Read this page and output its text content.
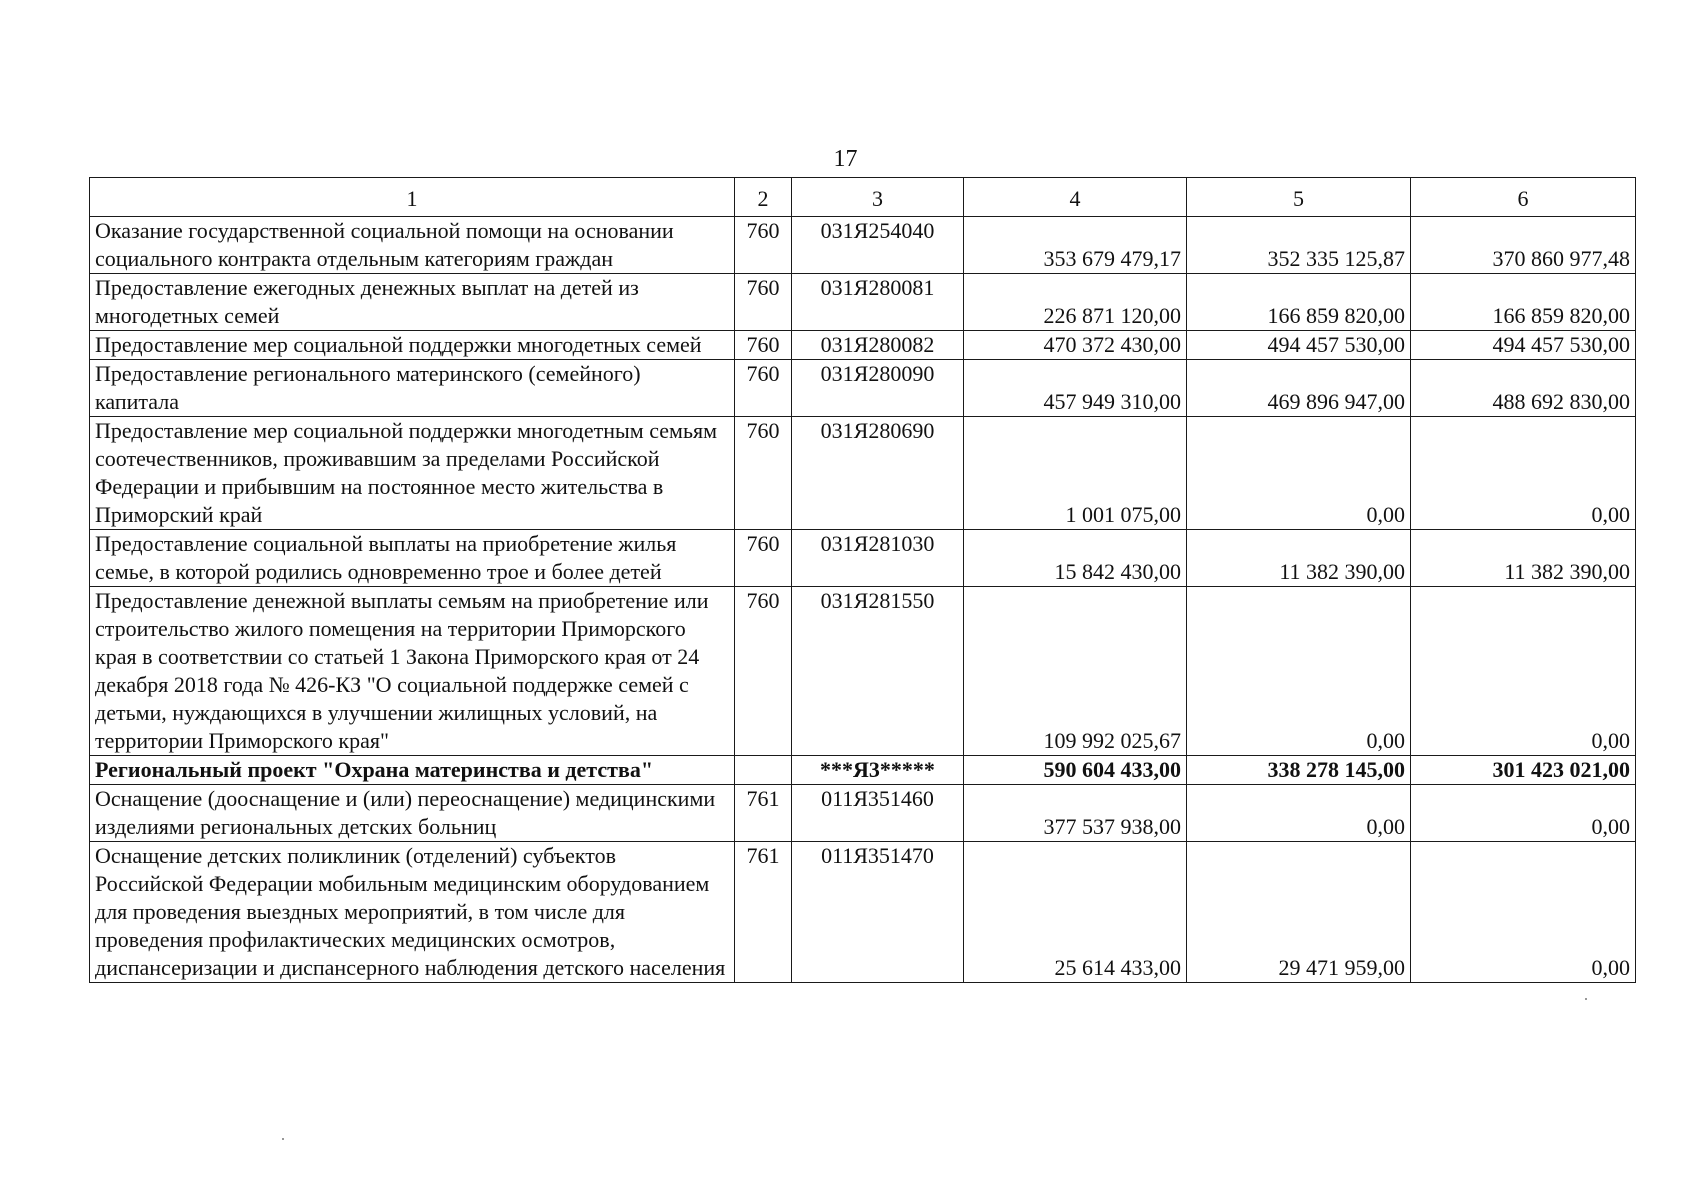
17
1	2	3	4	5	6
Оказание государственной социальной помощи на основании социального контракта отдельным категориям граждан	760	031Я254040	353 679 479,17	352 335 125,87	370 860 977,48
Предоставление ежегодных денежных выплат на детей из многодетных семей	760	031Я280081	226 871 120,00	166 859 820,00	166 859 820,00
Предоставление мер социальной поддержки многодетных семей	760	031Я280082	470 372 430,00	494 457 530,00	494 457 530,00
Предоставление регионального материнского (семейного) капитала	760	031Я280090	457 949 310,00	469 896 947,00	488 692 830,00
Предоставление мер социальной поддержки многодетным семьям соотечественников, проживавшим за пределами Российской Федерации и прибывшим на постоянное место жительства в Приморский край	760	031Я280690	1 001 075,00	0,00	0,00
Предоставление социальной выплаты на приобретение жилья семье, в которой родились одновременно трое и более детей	760	031Я281030	15 842 430,00	11 382 390,00	11 382 390,00
Предоставление денежной выплаты семьям на приобретение или строительство жилого помещения на территории Приморского края в соответствии со статьей 1 Закона Приморского края от 24 декабря 2018 года № 426-КЗ "О социальной поддержке семей с детьми, нуждающихся в улучшении жилищных условий, на территории Приморского края"	760	031Я281550	109 992 025,67	0,00	0,00
Региональный проект "Охрана материнства и детства"		***Я3*****	590 604 433,00	338 278 145,00	301 423 021,00
Оснащение (дооснащение и (или) переоснащение) медицинскими изделиями региональных детских больниц	761	011Я351460	377 537 938,00	0,00	0,00
Оснащение детских поликлиник (отделений) субъектов Российской Федерации мобильным медицинским оборудованием для проведения выездных мероприятий, в том числе для проведения профилактических медицинских осмотров, диспансеризации и диспансерного наблюдения детского населения	761	011Я351470	25 614 433,00	29 471 959,00	0,00
